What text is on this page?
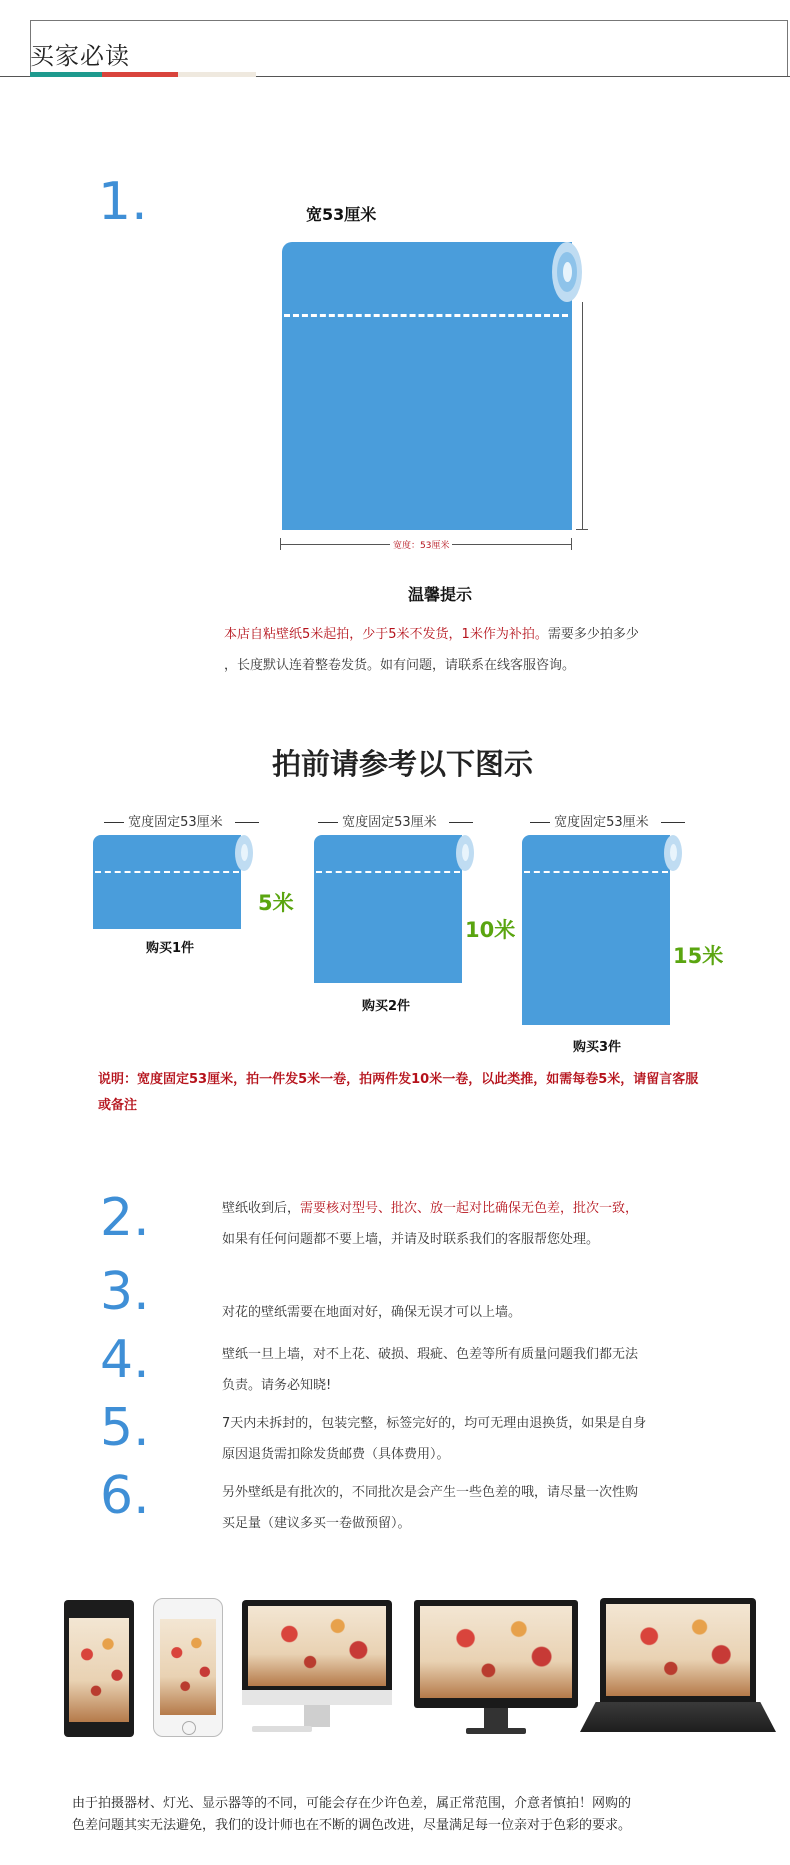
买家必读
1.	宽53厘米
宽度：53厘米
温馨提示
本店自粘壁纸5米起拍，少于5米不发货，1米作为补拍。需要多少拍多少
，长度默认连着整卷发货。如有问题，请联系在线客服咨询。
拍前请参考以下图示
宽度固定53厘米
5米
购买1件
宽度固定53厘米
10米
购买2件
宽度固定53厘米
15米
购买3件
说明：宽度固定53厘米，拍一件发5米一卷，拍两件发10米一卷，以此类推，如需每卷5米，请留言客服
或备注
2.	壁纸收到后，需要核对型号、批次、放一起对比确保无色差，批次一致，
如果有任何问题都不要上墙，并请及时联系我们的客服帮您处理。
3.	对花的壁纸需要在地面对好，确保无误才可以上墙。
4.	壁纸一旦上墙，对不上花、破损、瑕疵、色差等所有质量问题我们都无法
负责。请务必知晓!
5.	7天内未拆封的，包装完整，标签完好的，均可无理由退换货，如果是自身
原因退货需扣除发货邮费（具体费用）。
6.	另外壁纸是有批次的，不同批次是会产生一些色差的哦，请尽量一次性购
买足量（建议多买一卷做预留）。
由于拍摄器材、灯光、显示器等的不同，可能会存在少许色差，属正常范围，介意者慎拍！网购的
色差问题其实无法避免，我们的设计师也在不断的调色改进，尽量满足每一位亲对于色彩的要求。
